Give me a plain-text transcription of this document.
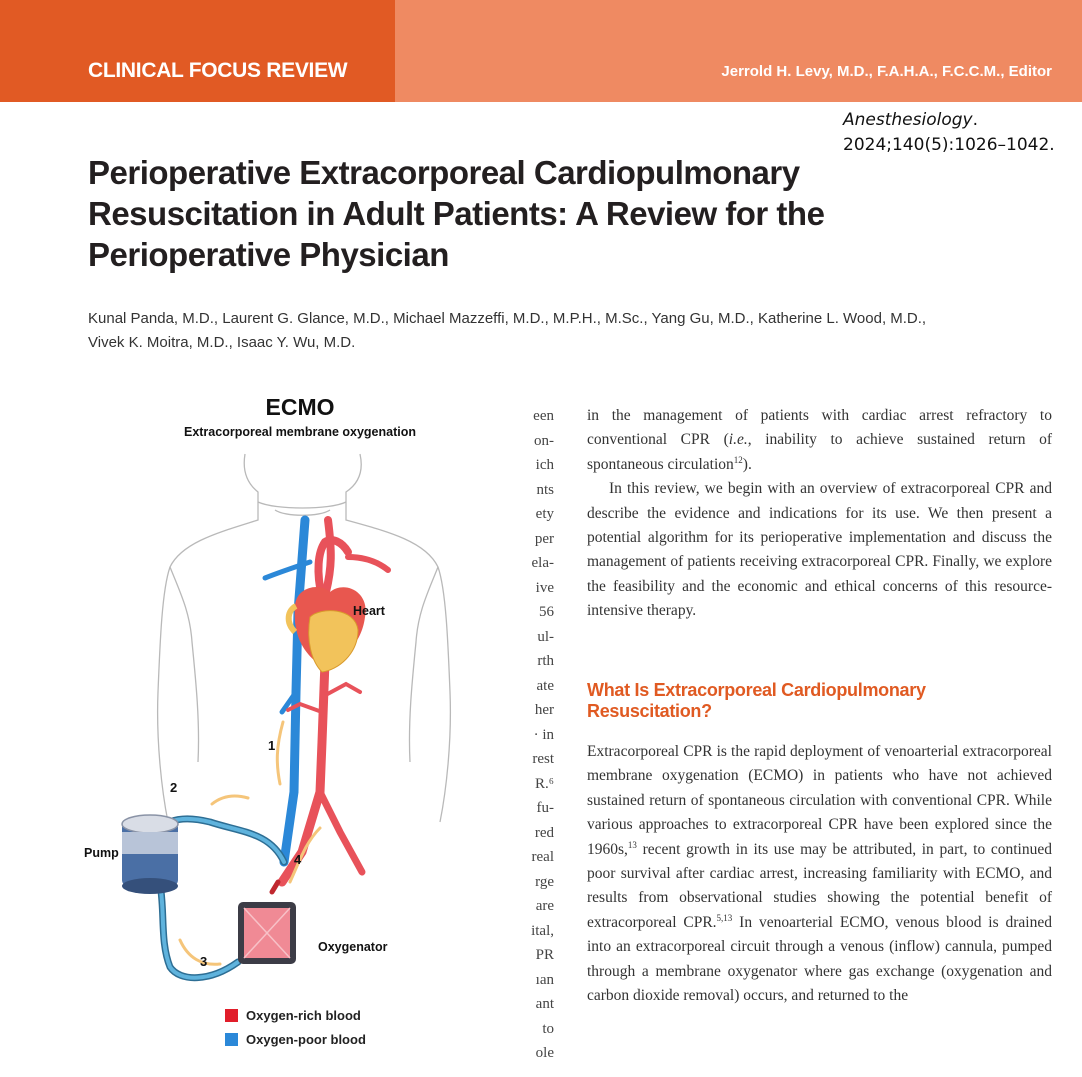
CLINICAL FOCUS REVIEW	Jerrold H. Levy, M.D., F.A.H.A., F.C.C.M., Editor
Anesthesiology.
2024;140(5):1026–1042.
Perioperative Extracorporeal Cardiopulmonary Resuscitation in Adult Patients: A Review for the Perioperative Physician
Kunal Panda, M.D., Laurent G. Glance, M.D., Michael Mazzeffi, M.D., M.P.H., M.Sc., Yang Gu, M.D., Katherine L. Wood, M.D.,
Vivek K. Moitra, M.D., Isaac Y. Wu, M.D.
ECMO
Extracorporeal membrane oxygenation
Heart
Pump
Oxygenator
1
2
3
4
Oxygen-rich blood
Oxygen-poor blood
een
on-
ich
nts
ety
per
ela-
ive
56
ul-
rth
ate
her
· in
rest
R.⁶
fu-
red
real
rge
are
ital,
PR
ıan
ant
to
ole

in the management of patients with cardiac arrest refractory to conventional CPR (i.e., inability to achieve sustained return of spontaneous circulation$^{12}$).

In this review, we begin with an overview of extracorporeal CPR and describe the evidence and indications for its use. We then present a potential algorithm for its perioperative implementation and discuss the management of patients receiving extracorporeal CPR. Finally, we explore the feasibility and the economic and ethical concerns of this resource-intensive therapy.

What Is Extracorporeal Cardiopulmonary Resuscitation?
Extracorporeal CPR is the rapid deployment of venoarterial extracorporeal membrane oxygenation (ECMO) in patients who have not achieved sustained return of spontaneous circulation with conventional CPR. While various approaches to extracorporeal CPR have been explored since the 1960s,$^{13}$ recent growth in its use may be attributed, in part, to continued poor survival after cardiac arrest, increasing familiarity with ECMO, and results from observational studies showing the potential benefit of extracorporeal CPR.$^{5,13}$ In venoarterial ECMO, venous blood is drained into an extracorporeal circuit through a venous (inflow) cannula, pumped through a membrane oxygenator where gas exchange (oxygenation and carbon dioxide removal) occurs, and returned to the
